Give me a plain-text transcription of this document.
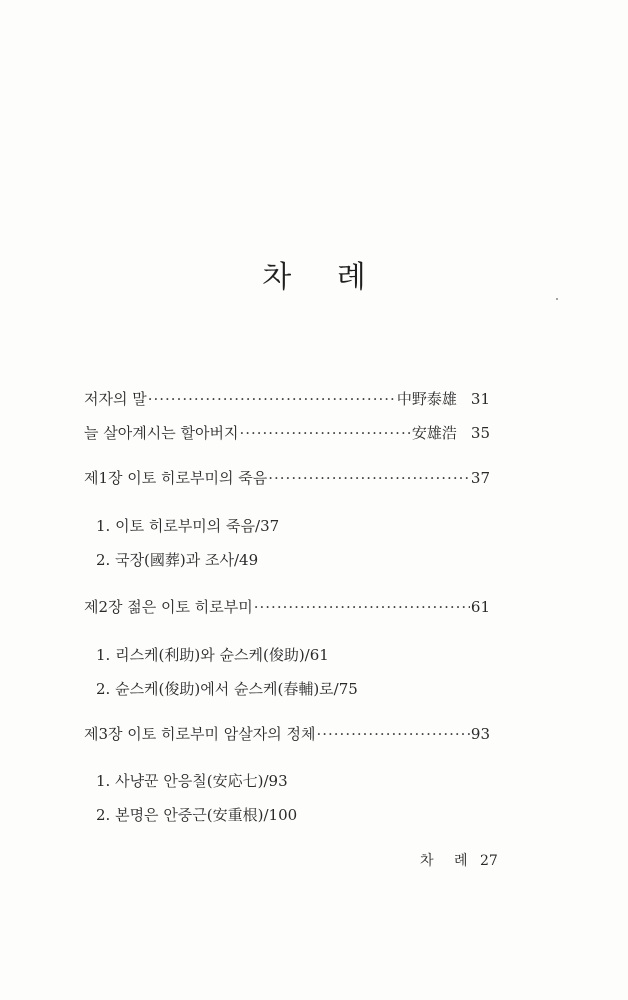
차 례
저자의 말 ·····	中野泰雄 31
늘 살아계시는 할아버지 ·····	安雄浩 35
제1장 이토 히로부미의 죽음 ·····	37
1. 이토 히로부미의 죽음/37
2. 국장(國葬)과 조사/49
제2장 젊은 이토 히로부미 ·····	61
1. 리스케(利助)와 슌스케(俊助)/61
2. 슌스케(俊助)에서 슌스케(春輔)로/75
제3장 이토 히로부미 암살자의 정체 ·····	93
1. 사냥꾼 안응칠(安応七)/93
2. 본명은 안중근(安重根)/100
차 례 27
